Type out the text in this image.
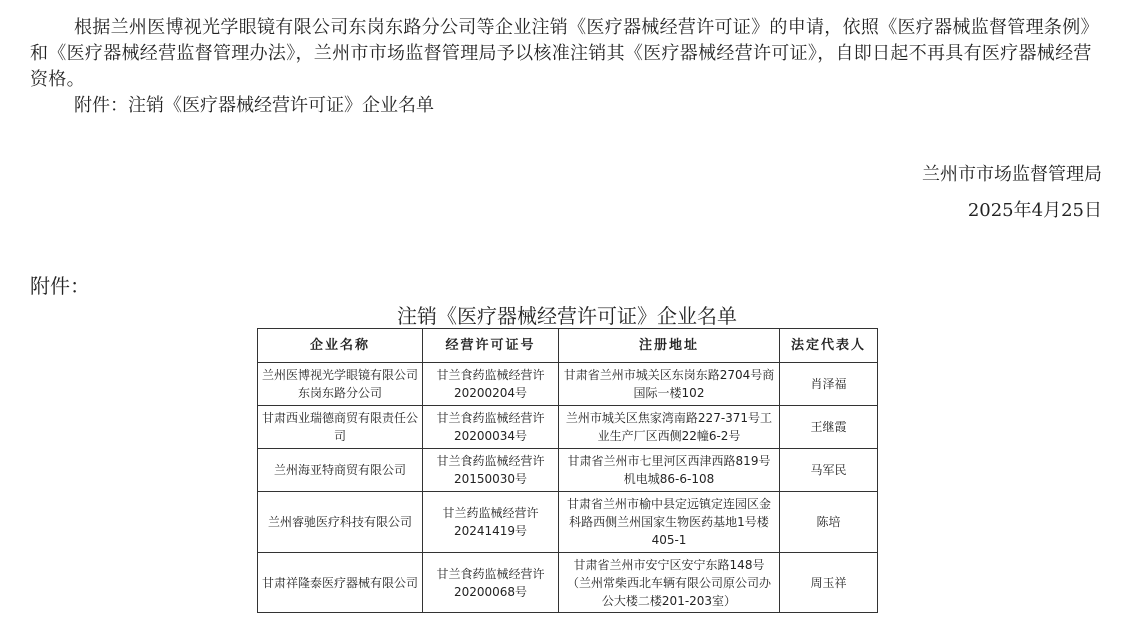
根据兰州医博视光学眼镜有限公司东岗东路分公司等企业注销《医疗器械经营许可证》的申请，依照《医疗器械监督管理条例》和《医疗器械经营监督管理办法》，兰州市市场监督管理局予以核准注销其《医疗器械经营许可证》，自即日起不再具有医疗器械经营资格。

附件：注销《医疗器械经营许可证》企业名单

兰州市市场监督管理局
2025年4月25日
附件：
注销《医疗器械经营许可证》企业名单
企业名称	经营许可证号	注册地址	法定代表人
兰州医博视光学眼镜有限公司东岗东路分公司	甘兰食药监械经营许20200204号	甘肃省兰州市城关区东岗东路2704号商国际一楼102	肖泽福
甘肃西业瑞德商贸有限责任公司	甘兰食药监械经营许20200034号	兰州市城关区焦家湾南路227-371号工业生产厂区西侧22幢6-2号	王继霞
兰州海亚特商贸有限公司	甘兰食药监械经营许20150030号	甘肃省兰州市七里河区西津西路819号机电城86-6-108	马军民
兰州睿驰医疗科技有限公司	甘兰药监械经营许20241419号	甘肃省兰州市榆中县定远镇定连园区金科路西侧兰州国家生物医药基地1号楼405-1	陈培
甘肃祥隆泰医疗器械有限公司	甘兰食药监械经营许20200068号	甘肃省兰州市安宁区安宁东路148号（兰州常柴西北车辆有限公司原公司办公大楼二楼201-203室）	周玉祥
